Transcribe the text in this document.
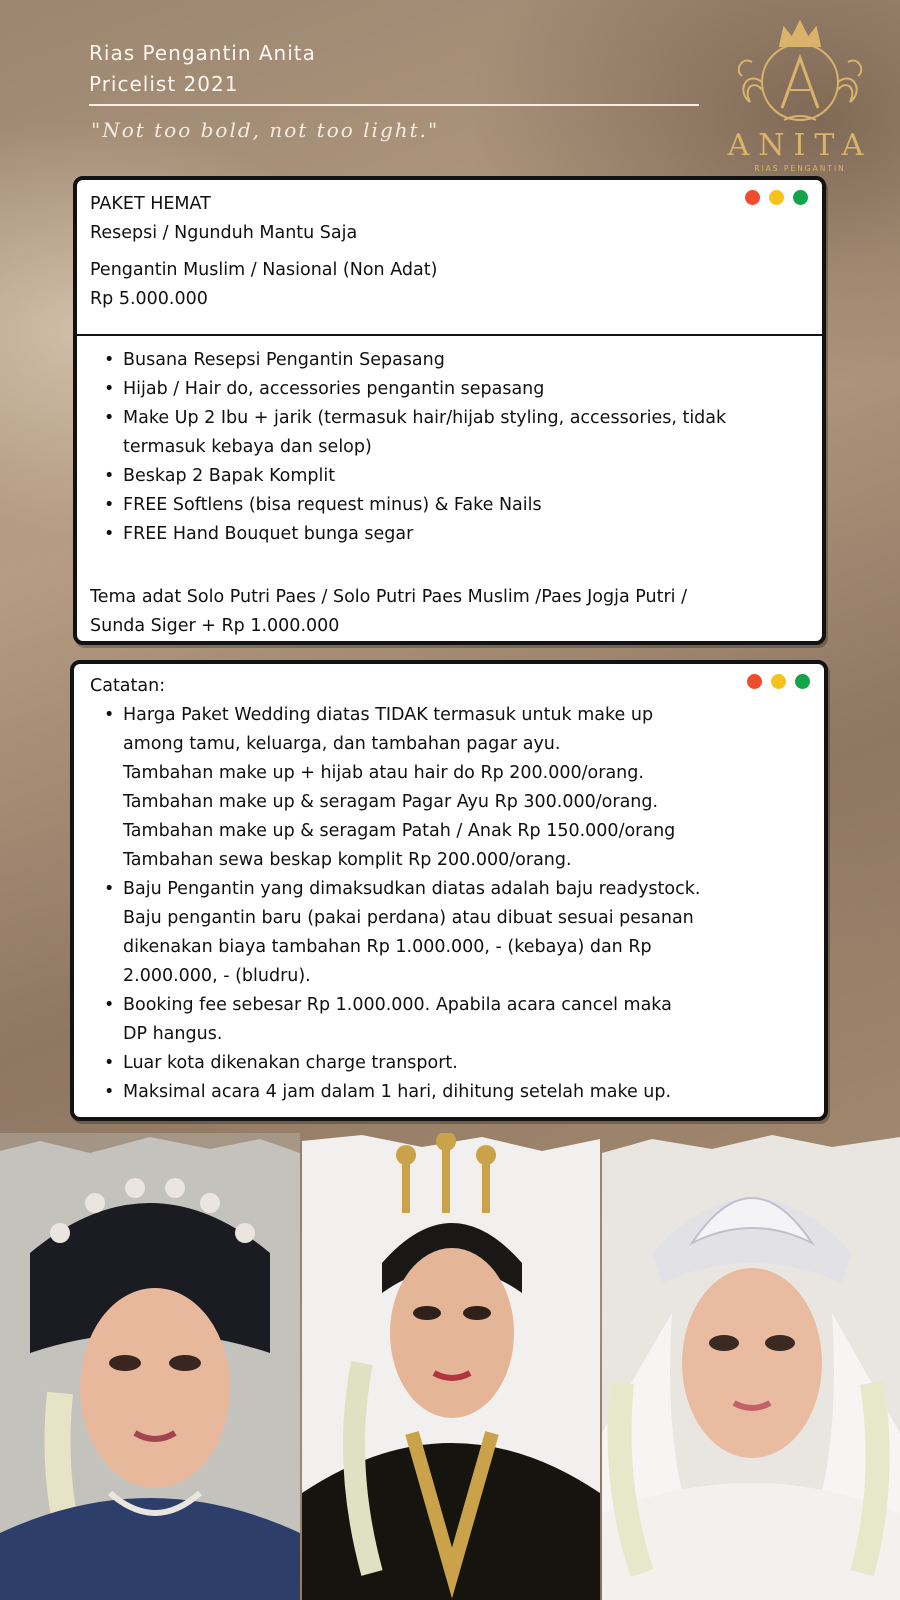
Rias Pengantin Anita
Pricelist 2021
"Not too bold, not too light."	ANITA
RIAS PENGANTIN
PAKET HEMAT
Resepsi / Ngunduh Mantu Saja
Pengantin Muslim / Nasional (Non Adat)
Rp 5.000.000
• Busana Resepsi Pengantin Sepasang
• Hijab / Hair do, accessories pengantin sepasang
• Make Up 2 Ibu + jarik (termasuk hair/hijab styling, accessories, tidak termasuk kebaya dan selop)
• Beskap 2 Bapak Komplit
• FREE Softlens (bisa request minus) & Fake Nails
• FREE Hand Bouquet bunga segar
Tema adat Solo Putri Paes / Solo Putri Paes Muslim /Paes Jogja Putri /
Sunda Siger + Rp 1.000.000
Catatan:
• Harga Paket Wedding diatas TIDAK termasuk untuk make up
among tamu, keluarga, dan tambahan pagar ayu.
Tambahan make up + hijab atau hair do Rp 200.000/orang.
Tambahan make up & seragam Pagar Ayu Rp 300.000/orang.
Tambahan make up & seragam Patah / Anak Rp 150.000/orang
Tambahan sewa beskap komplit Rp 200.000/orang.
• Baju Pengantin yang dimaksudkan diatas adalah baju readystock.
Baju pengantin baru (pakai perdana) atau dibuat sesuai pesanan
dikenakan biaya tambahan Rp 1.000.000, - (kebaya) dan Rp
2.000.000, - (bludru).
• Booking fee sebesar Rp 1.000.000. Apabila acara cancel maka
DP hangus.
• Luar kota dikenakan charge transport.
• Maksimal acara 4 jam dalam 1 hari, dihitung setelah make up.
